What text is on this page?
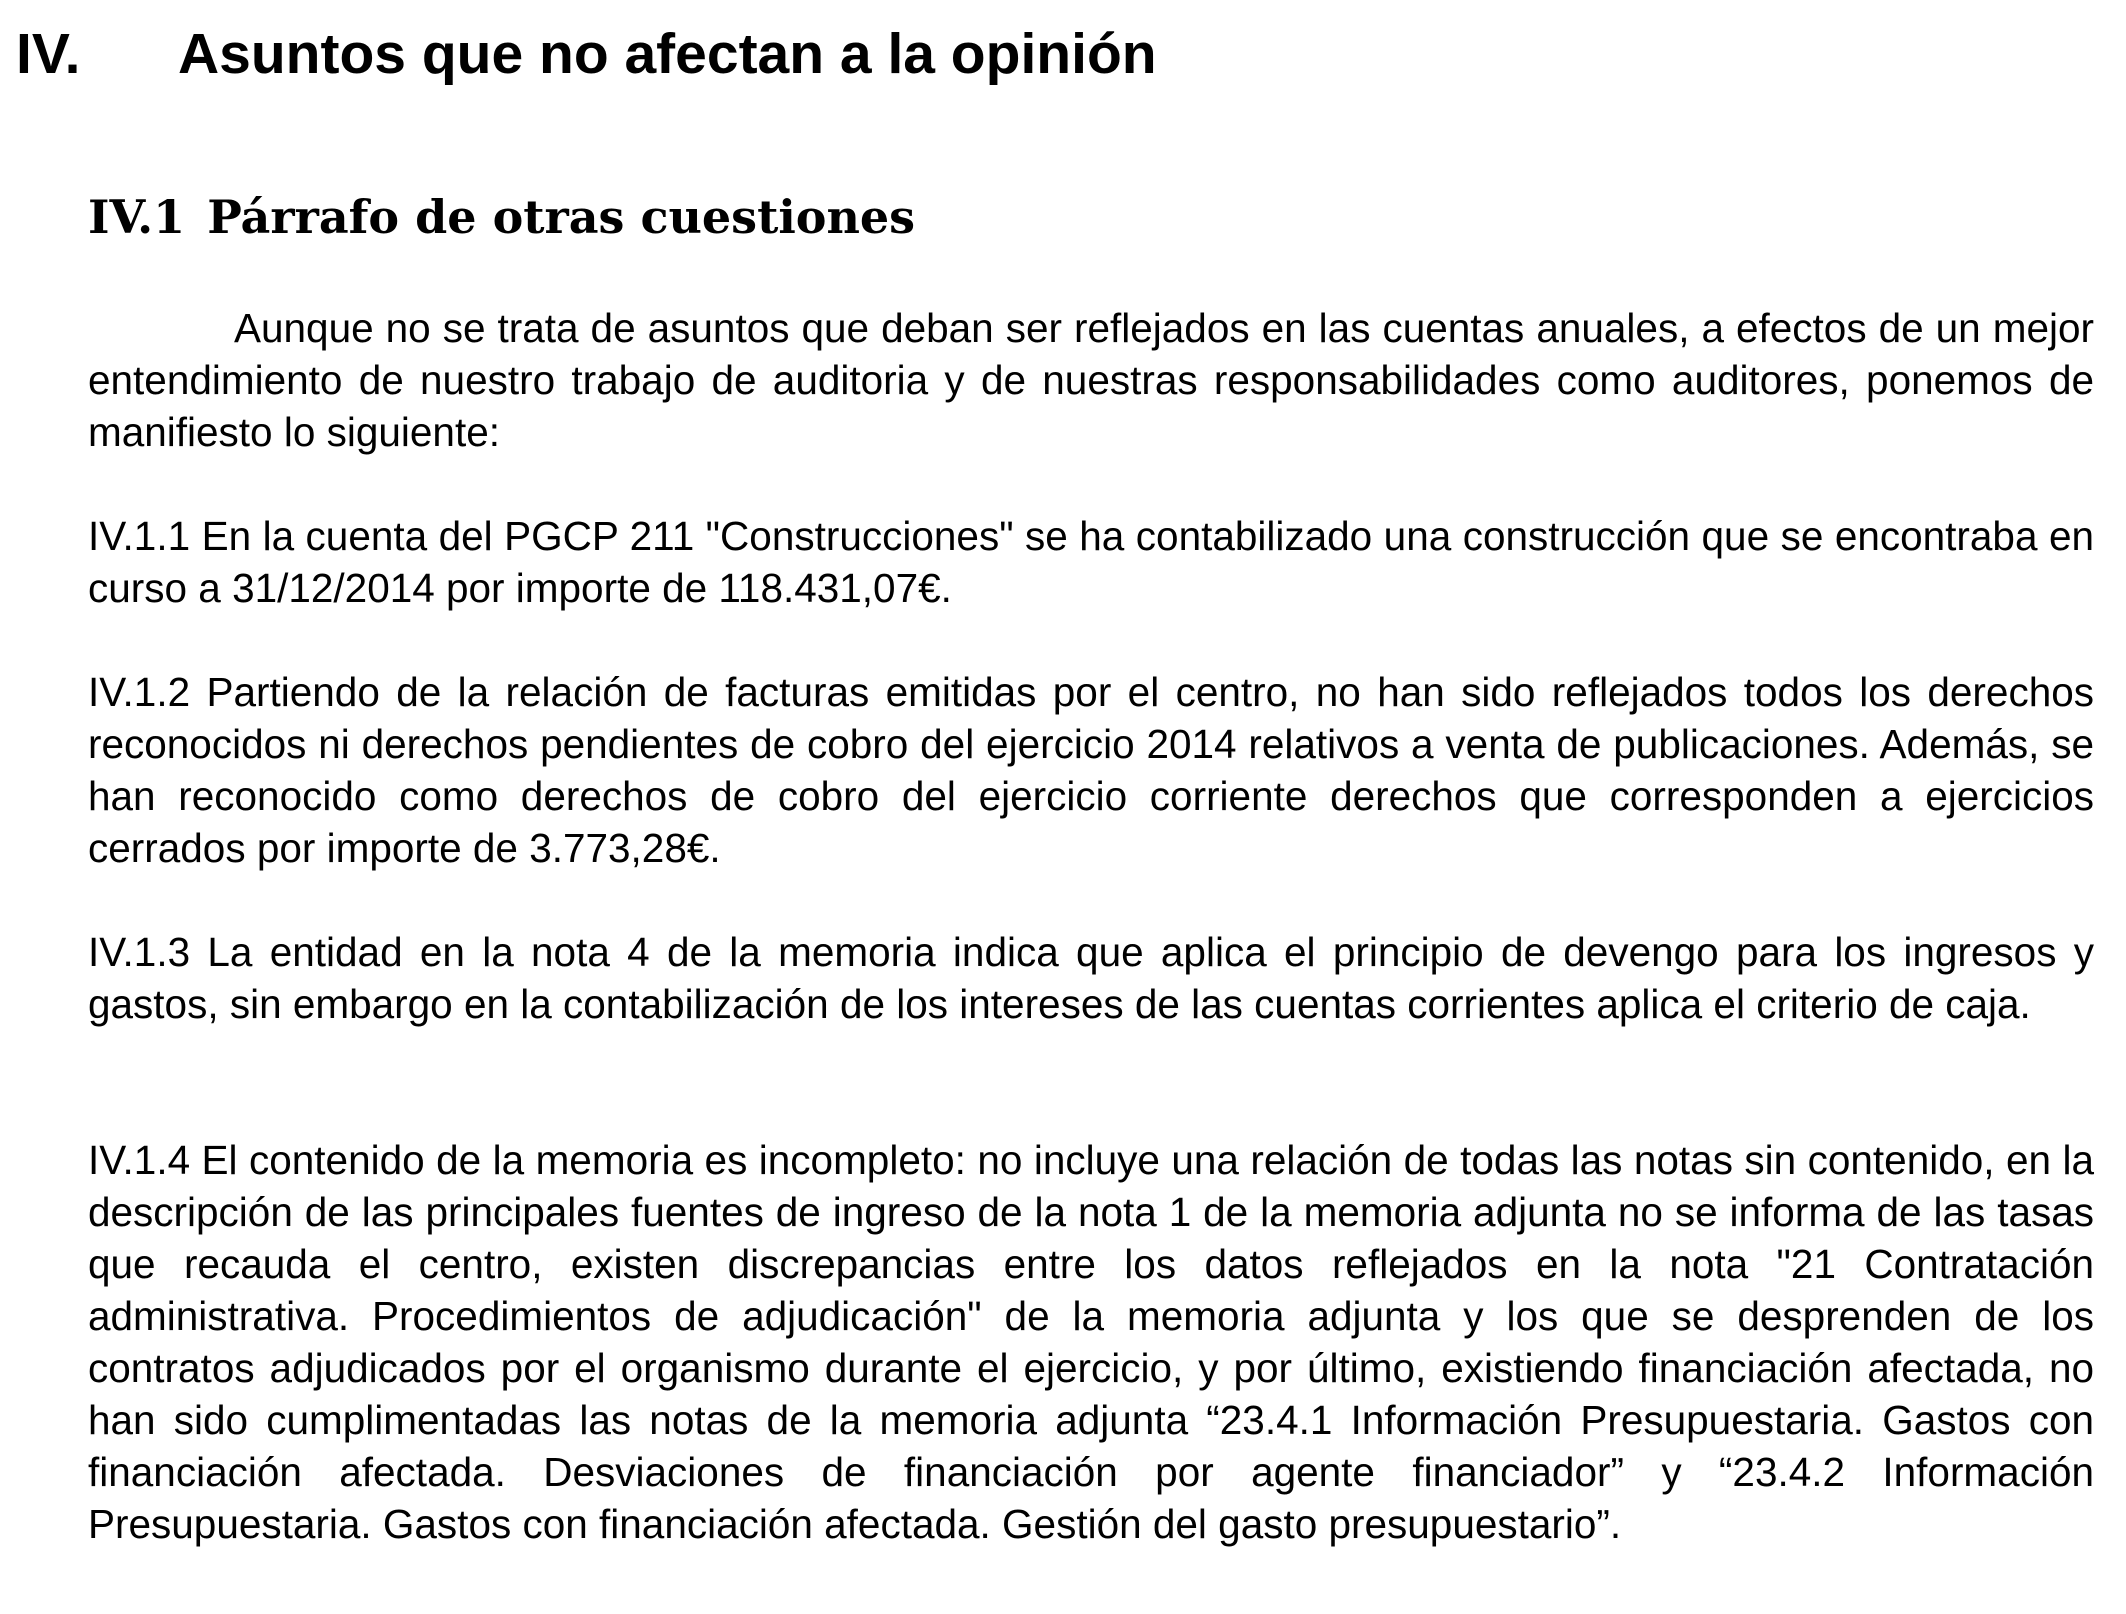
IV. Asuntos que no afectan a la opinión
IV.1 Párrafo de otras cuestiones

Aunque no se trata de asuntos que deban ser reflejados en las cuentas anuales, a efectos de un mejor entendimiento de nuestro trabajo de auditoria y de nuestras responsabilidades como auditores, ponemos de manifiesto lo siguiente:

IV.1.1 En la cuenta del PGCP 211 "Construcciones" se ha contabilizado una construcción que se encontraba en curso a 31/12/2014 por importe de 118.431,07€.

IV.1.2 Partiendo de la relación de facturas emitidas por el centro, no han sido reflejados todos los derechos reconocidos ni derechos pendientes de cobro del ejercicio 2014 relativos a venta de publicaciones. Además, se han reconocido como derechos de cobro del ejercicio corriente derechos que corresponden a ejercicios cerrados por importe de 3.773,28€.

IV.1.3 La entidad en la nota 4 de la memoria indica que aplica el principio de devengo para los ingresos y gastos, sin embargo en la contabilización de los intereses de las cuentas corrientes aplica el criterio de caja.

IV.1.4 El contenido de la memoria es incompleto: no incluye una relación de todas las notas sin contenido, en la descripción de las principales fuentes de ingreso de la nota 1 de la memoria adjunta no se informa de las tasas que recauda el centro, existen discrepancias entre los datos reflejados en la nota "21 Contratación administrativa. Procedimientos de adjudicación" de la memoria adjunta y los que se desprenden de los contratos adjudicados por el organismo durante el ejercicio, y por último, existiendo financiación afectada, no han sido cumplimentadas las notas de la memoria adjunta “23.4.1 Información Presupuestaria. Gastos con financiación afectada. Desviaciones de financiación por agente financiador” y “23.4.2 Información Presupuestaria. Gastos con financiación afectada. Gestión del gasto presupuestario”.
